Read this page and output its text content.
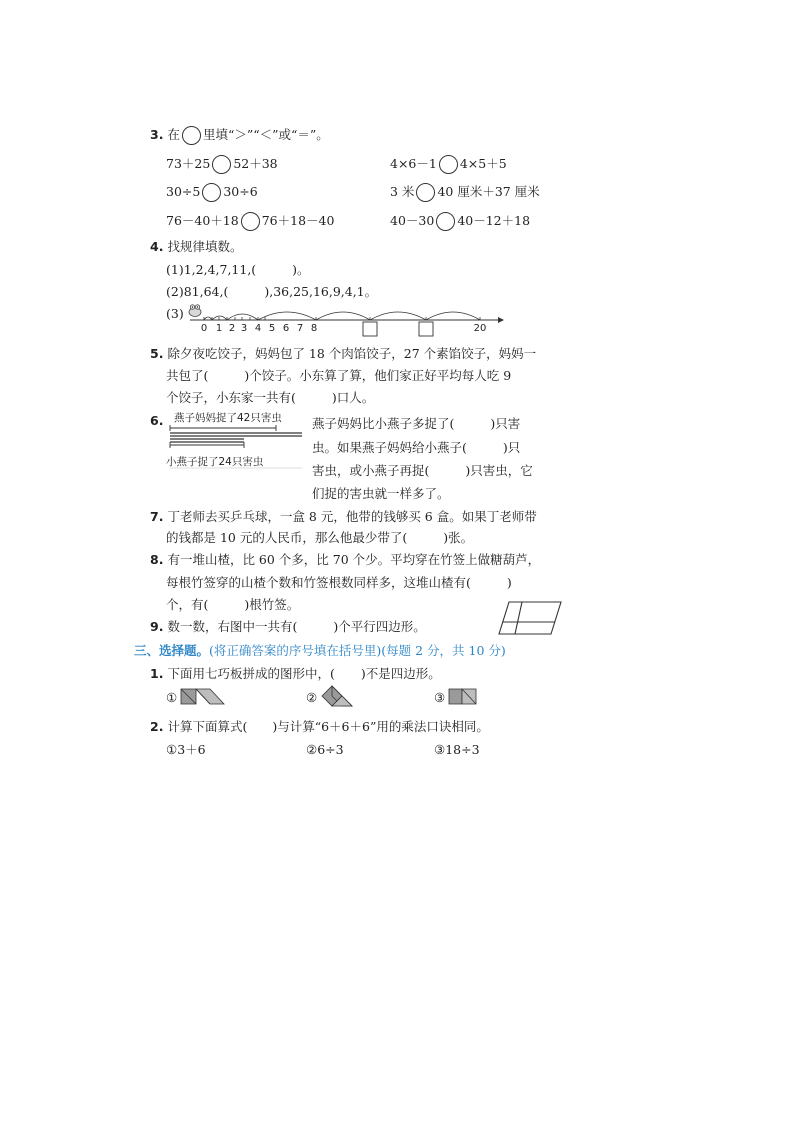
3. 在 里填“＞”“＜”或“＝”。
73＋25 52＋38	4×6－1 4×5＋5
30÷5 30÷6	3 米 40 厘米＋37 厘米
76－40＋18 76＋18－40	40－30 40－12＋18
4. 找规律填数。
(1)1,2,4,7,11,(	)。
(2)81,64,(	),36,25,16,9,4,1。
(3)
0 1 2 3 4 5 6 7 8	20
5. 除夕夜吃饺子，妈妈包了 18 个肉馅饺子，27 个素馅饺子，妈妈一
共包了(	)个饺子。小东算了算，他们家正好平均每人吃 9
个饺子，小东家一共有(	)口人。
6. 燕子妈妈捉了42只害虫
小燕子捉了24只害虫
燕子妈妈比小燕子多捉了(	)只害
虫。如果燕子妈妈给小燕子(	)只
害虫，或小燕子再捉(	)只害虫，它
们捉的害虫就一样多了。
7. 丁老师去买乒乓球，一盒 8 元，他带的钱够买 6 盒。如果丁老师带
的钱都是 10 元的人民币，那么他最少带了(	)张。
8. 有一堆山楂，比 60 个多，比 70 个少。平均穿在竹签上做糖葫芦，
每根竹签穿的山楂个数和竹签根数同样多，这堆山楂有(	)
个，有(	)根竹签。
9. 数一数，右图中一共有(	)个平行四边形。
三、选择题。(将正确答案的序号填在括号里)(每题 2 分，共 10 分)
1. 下面用七巧板拼成的图形中，( )不是四边形。
①	②	③
2. 计算下面算式(　　)与计算“6＋6＋6”用的乘法口诀相同。
①3＋6	②6÷3	③18÷3
